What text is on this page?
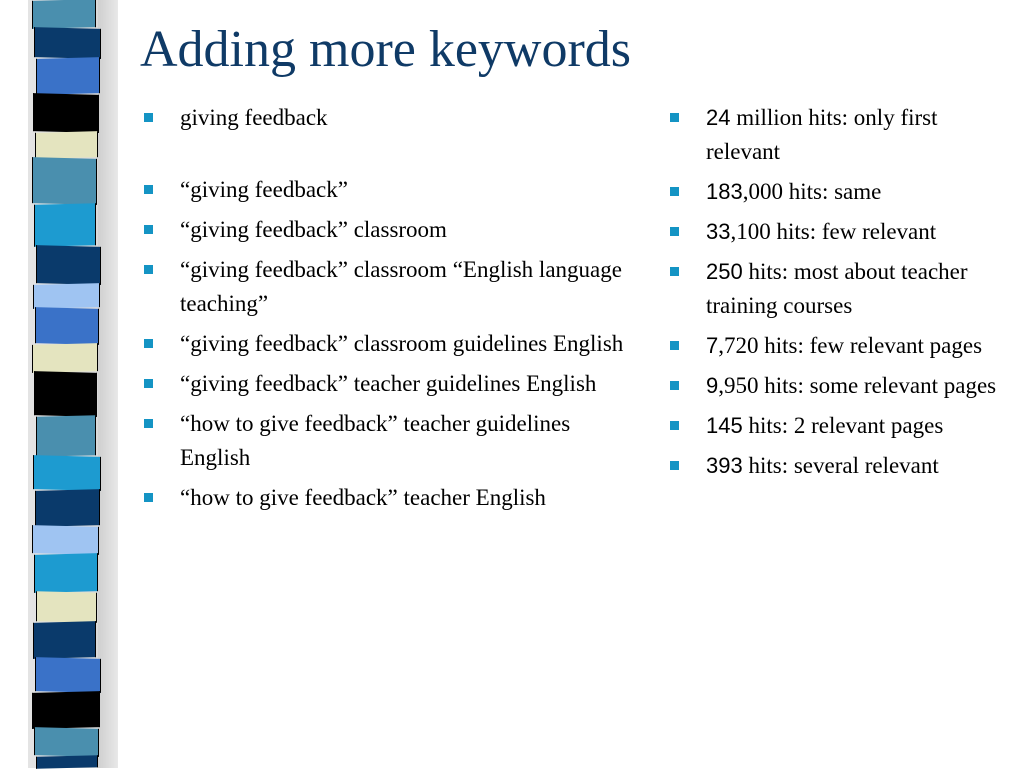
Adding more keywords
giving feedback
“giving feedback”
“giving feedback” classroom
“giving feedback” classroom “English language teaching”
“giving feedback” classroom guidelines English
“giving feedback” teacher guidelines English
“how to give feedback” teacher guidelines English
“how to give feedback” teacher English
24 million hits: only first relevant
183,000 hits: same
33,100 hits: few relevant
250 hits: most about teacher training courses
7,720 hits: few relevant pages
9,950 hits: some relevant pages
145 hits: 2 relevant pages
393 hits: several relevant
